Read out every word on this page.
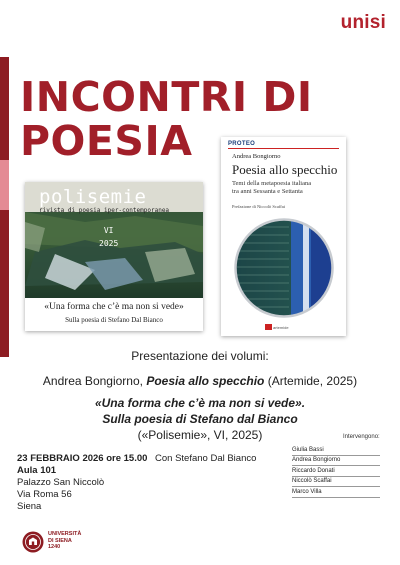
unisi
INCONTRI DI
POESIA
polisemie
rivista di poesia iper-contemporanea
VI
2025
«Una forma che c’è ma non si vede»
Sulla poesia di Stefano Dal Bianco
PROTEO
Andrea Bongiorno
Poesia allo specchio
Temi della metapoesia italiana
tra anni Sessanta e Settanta
Prefazione di Niccolò Scaffai
artemide
Presentazione dei volumi:
Andrea Bongiorno, Poesia allo specchio (Artemide, 2025)
«Una forma che c’è ma non si vede».
Sulla poesia di Stefano dal Bianco
(«Polisemie», VI, 2025)
23 FEBBRAIO 2026 ore 15.00
Aula 101
Palazzo San Niccolò
Via Roma 56
Siena
Con Stefano Dal Bianco
Intervengono:
Giulia Bassi
Andrea Bongiorno
Riccardo Donati
Niccolò Scaffai
Marco Villa
UNIVERSITÀ
DI SIENA
1240
